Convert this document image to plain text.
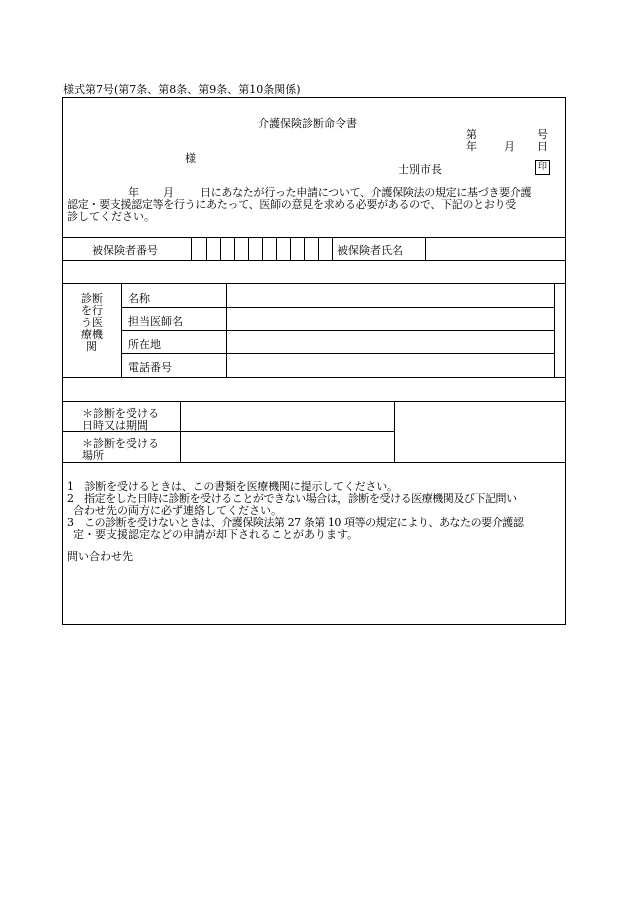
様式第7号(第7条、第8条、第9条、第10条関係)
介護保険診断命令書
第	号
年 月 日
様
士別市長	印
年 月 日にあなたが行った申請について、介護保険法の規定に基づき要介護
認定・要支援認定等を行うにあたって、医師の意見を求める必要があるので、下記のとおり受
診してください。
被保険者番号	被保険者氏名
診断
を行
う医
療機
関
名称
担当医師名
所在地
電話番号
＊診断を受ける
日時又は期間
＊診断を受ける
場所
1　診断を受けるときは、この書類を医療機関に提示してください。
2　指定をした日時に診断を受けることができない場合は，診断を受ける医療機関及び下記問い
合わせ先の両方に必ず連絡してください。
3　この診断を受けないときは、介護保険法第 27 条第 10 項等の規定により、あなたの要介護認
定・要支援認定などの申請が却下されることがあります。
問い合わせ先
